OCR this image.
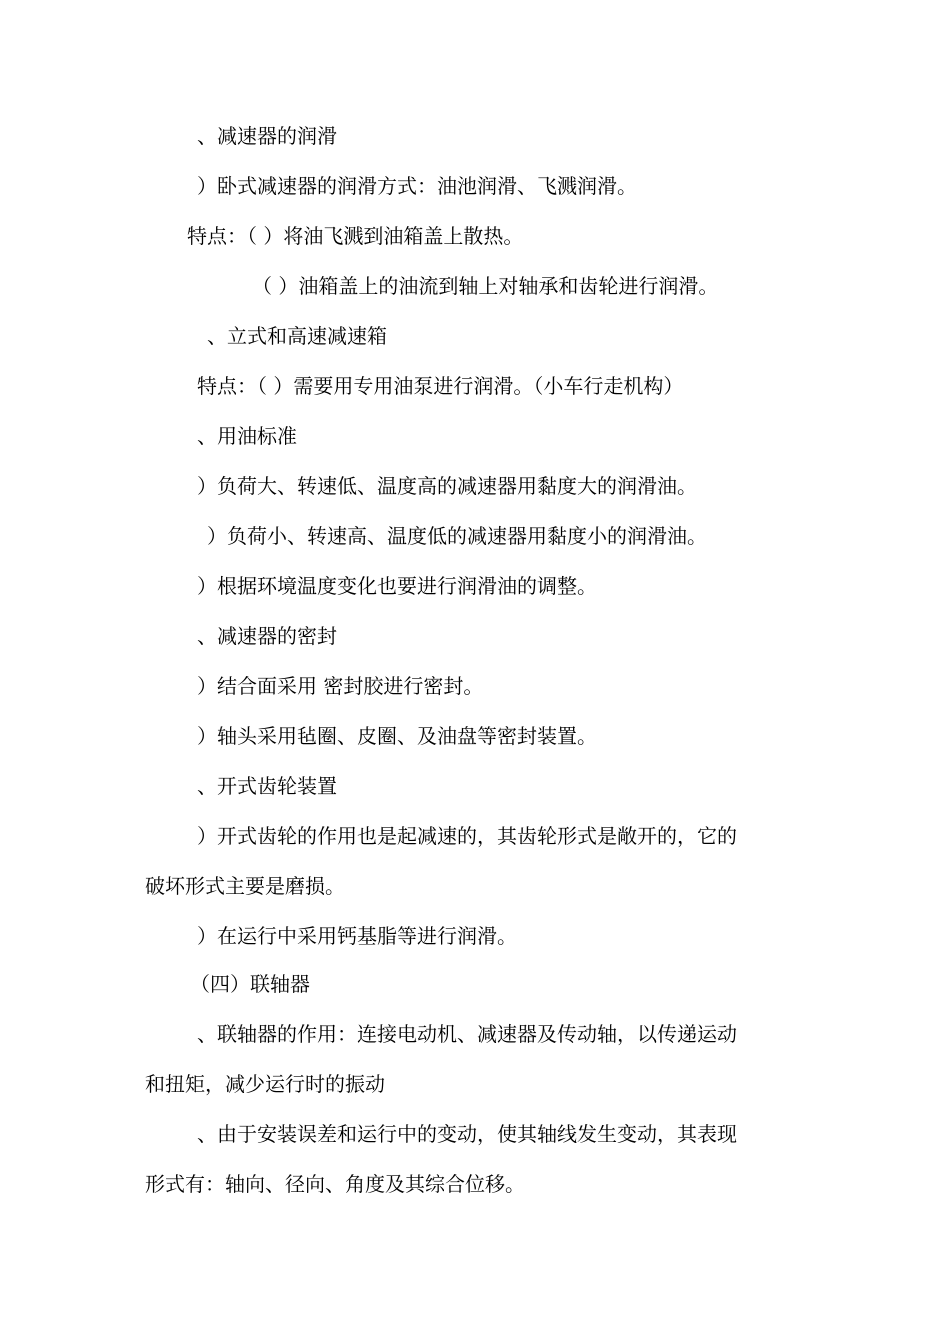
、减速器的润滑
）卧式减速器的润滑方式：油池润滑、飞溅润滑。
特点：（ ）将油飞溅到油箱盖上散热。
（ ）油箱盖上的油流到轴上对轴承和齿轮进行润滑。
、立式和高速减速箱
特点：（ ）需要用专用油泵进行润滑。（小车行走机构）
、用油标准
）负荷大、转速低、温度高的减速器用黏度大的润滑油。
）负荷小、转速高、温度低的减速器用黏度小的润滑油。
）根据环境温度变化也要进行润滑油的调整。
、减速器的密封
）结合面采用 密封胶进行密封。
）轴头采用毡圈、皮圈、及油盘等密封装置。
、开式齿轮装置
）开式齿轮的作用也是起减速的，其齿轮形式是敞开的，它的
破坏形式主要是磨损。
）在运行中采用钙基脂等进行润滑。
（四）联轴器
、联轴器的作用：连接电动机、减速器及传动轴，以传递运动
和扭矩，减少运行时的振动
、由于安装误差和运行中的变动，使其轴线发生变动，其表现
形式有：轴向、径向、角度及其综合位移。
